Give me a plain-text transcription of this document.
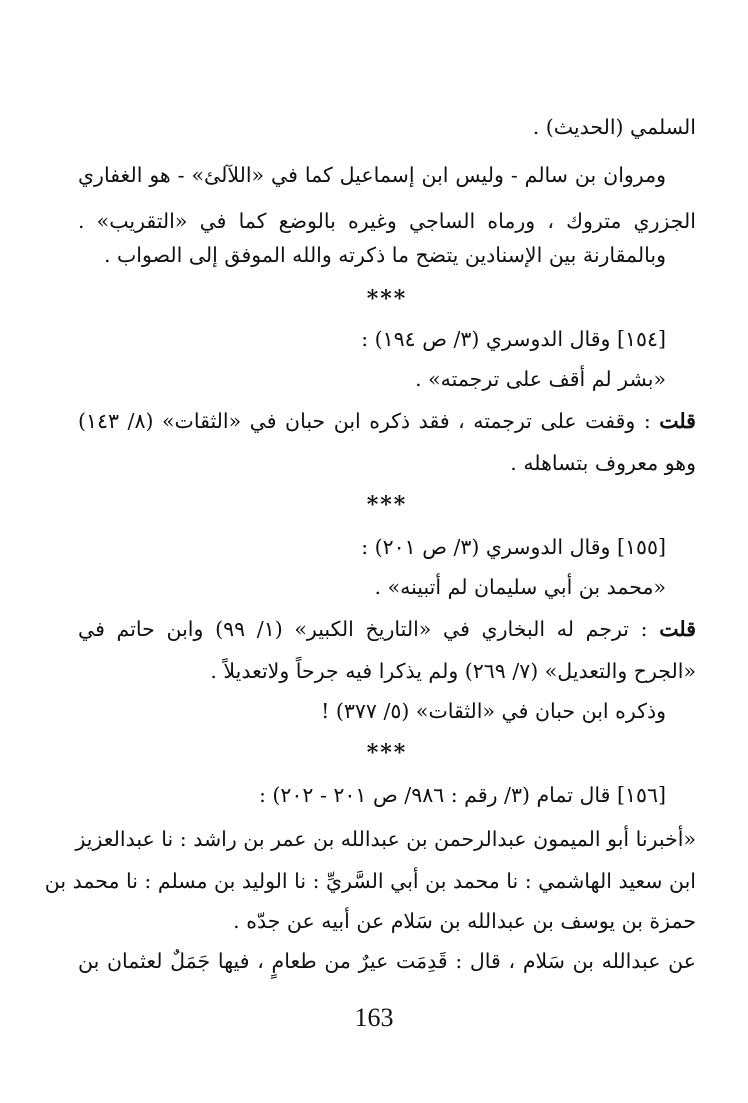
السلمي (الحديث) .
ومروان بن سالم - وليس ابن إسماعيل كما في «اللآلئ» - هو الغفاري
الجزري متروك ، ورماه الساجي وغيره بالوضع كما في «التقريب» .
وبالمقارنة بين الإسنادين يتضح ما ذكرته والله الموفق إلى الصواب .
***
[١٥٤] وقال الدوسري (٣/ ص ١٩٤) :
«بشر لم أقف على ترجمته» .
قلت : وقفت على ترجمته ، فقد ذكره ابن حبان في «الثقات» (٨/ ١٤٣)
وهو معروف بتساهله .
***
[١٥٥] وقال الدوسري (٣/ ص ٢٠١) :
«محمد بن أبي سليمان لم أتبينه» .
قلت : ترجم له البخاري في «التاريخ الكبير» (١/ ٩٩) وابن حاتم في
«الجرح والتعديل» (٧/ ٢٦٩) ولم يذكرا فيه جرحاً ولاتعديلاً .
وذكره ابن حبان في «الثقات» (٥/ ٣٧٧) !
***
[١٥٦] قال تمام (٣/ رقم : ٩٨٦/ ص ٢٠١ - ٢٠٢) :
«أخبرنا أبو الميمون عبدالرحمن بن عبدالله بن عمر بن راشد : نا عبدالعزيز
ابن سعيد الهاشمي : نا محمد بن أبي السَّريِّ : نا الوليد بن مسلم : نا محمد بن
حمزة بن يوسف بن عبدالله بن سَلام عن أبيه عن جدّه .
عن عبدالله بن سَلام ، قال : قَدِمَت عيرٌ من طعامٍ ، فيها جَمَلٌ لعثمان بن
163
